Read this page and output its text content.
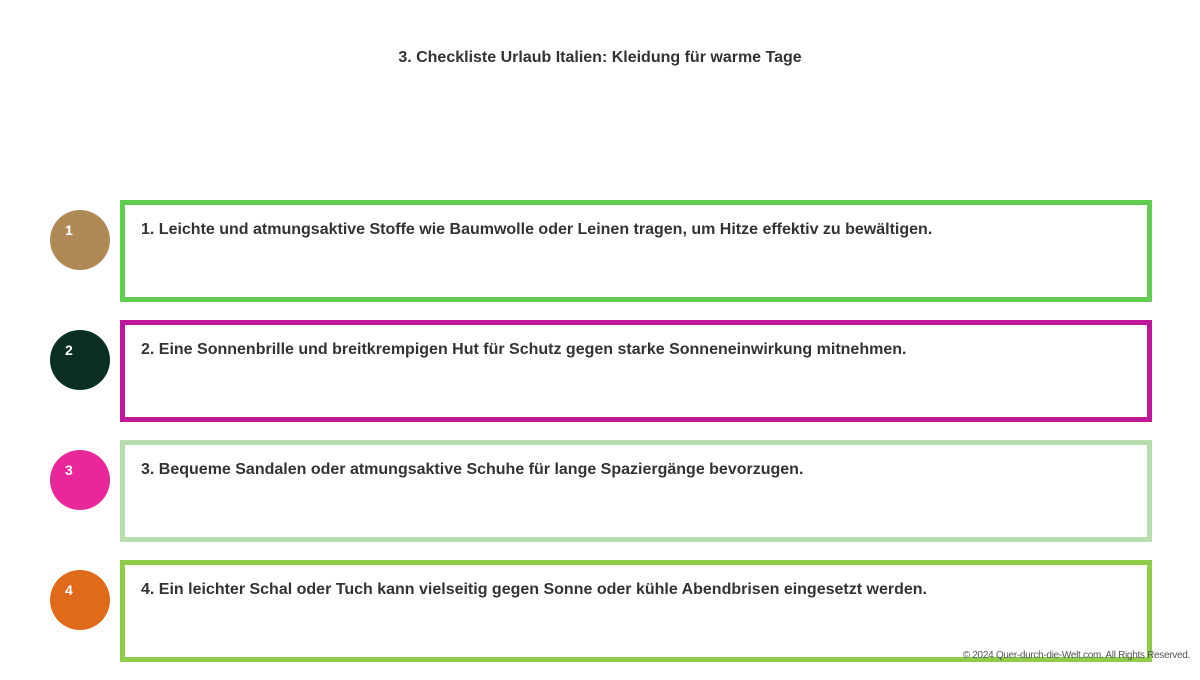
3. Checkliste Urlaub Italien: Kleidung für warme Tage
1	1. Leichte und atmungsaktive Stoffe wie Baumwolle oder Leinen tragen, um Hitze effektiv zu bewältigen.
2	2. Eine Sonnenbrille und breitkrempigen Hut für Schutz gegen starke Sonneneinwirkung mitnehmen.
3	3. Bequeme Sandalen oder atmungsaktive Schuhe für lange Spaziergänge bevorzugen.
4	4. Ein leichter Schal oder Tuch kann vielseitig gegen Sonne oder kühle Abendbrisen eingesetzt werden.
© 2024 Quer-durch-die-Welt.com. All Rights Reserved.
